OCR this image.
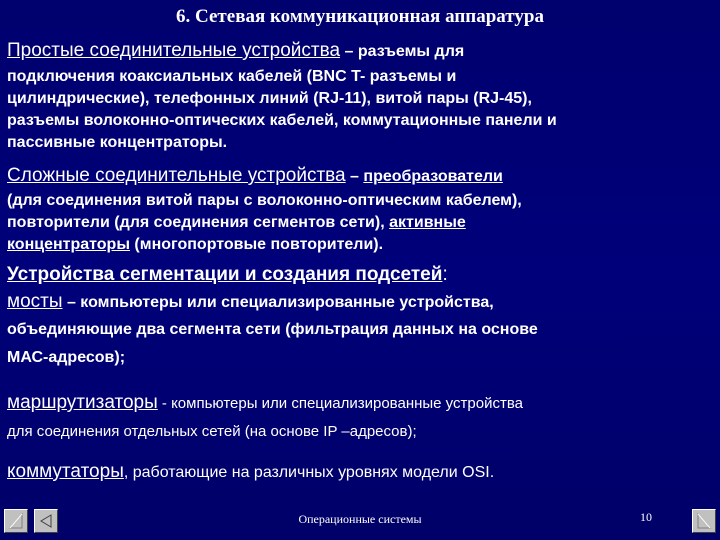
6. Сетевая коммуникационная аппаратура
Простые соединительные устройства – разъемы для
подключения коаксиальных кабелей (BNC T- разъемы и
цилиндрические), телефонных линий (RJ-11), витой пары (RJ-45),
разъемы волоконно-оптических кабелей, коммутационные панели и
пассивные концентраторы.
Сложные соединительные устройства – преобразователи
(для соединения витой пары с волоконно-оптическим кабелем),
повторители (для соединения сегментов сети), активные
концентраторы (многопортовые повторители).
Устройства сегментации и создания подсетей:
мосты – компьютеры или специализированные устройства,
объединяющие два сегмента сети (фильтрация данных на основе
МАС-адресов);
маршрутизаторы - компьютеры или специализированные устройства
для соединения отдельных сетей (на основе IP –адресов);
коммутаторы, работающие на различных уровнях модели OSI.
Операционные системы	10
